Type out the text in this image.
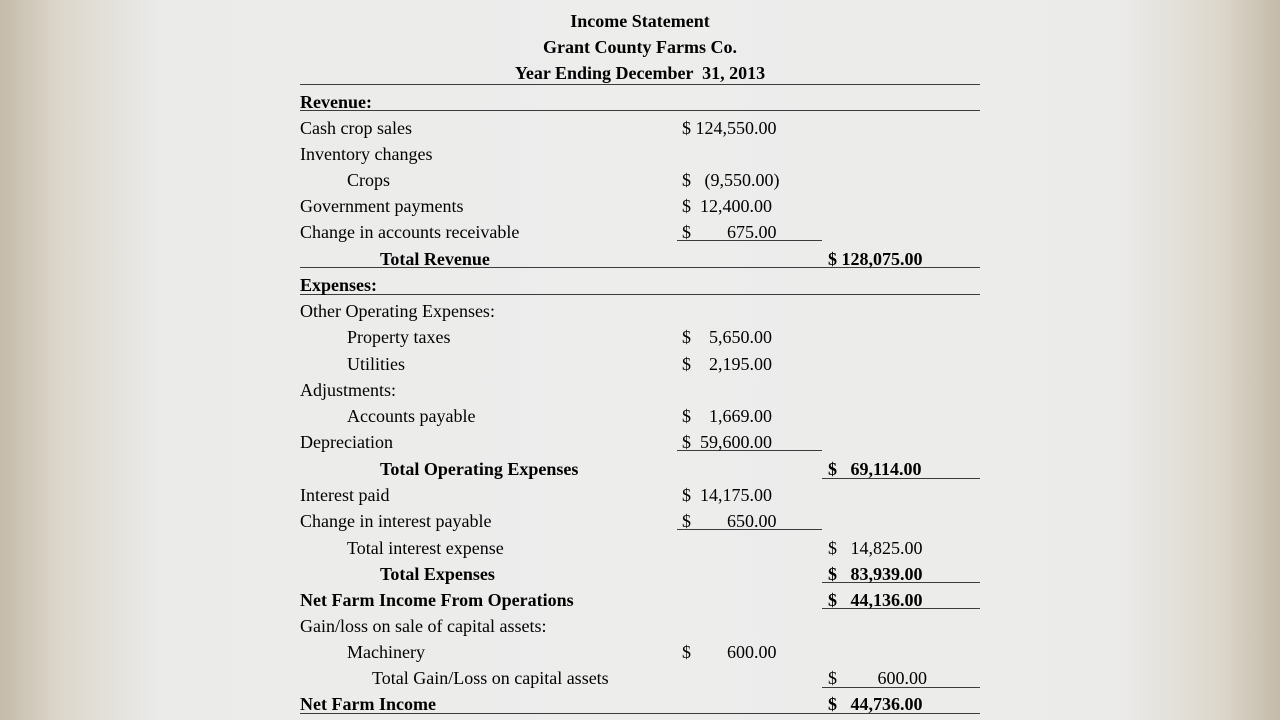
Income Statement
Grant County Farms Co.
Year Ending December  31, 2013
Revenue:
Cash crop sales	$ 124,550.00
Inventory changes
Crops	$   (9,550.00)
Government payments	$  12,400.00
Change in accounts receivable	$        675.00
Total Revenue	$ 128,075.00
Expenses:
Other Operating Expenses:
Property taxes	$    5,650.00
Utilities	$    2,195.00
Adjustments:
Accounts payable	$    1,669.00
Depreciation	$  59,600.00
Total Operating Expenses	$   69,114.00
Interest paid	$  14,175.00
Change in interest payable	$        650.00
Total interest expense	$   14,825.00
Total Expenses	$   83,939.00
Net Farm Income From Operations	$   44,136.00
Gain/loss on sale of capital assets:
Machinery	$        600.00
Total Gain/Loss on capital assets	$         600.00
Net Farm Income	$   44,736.00
